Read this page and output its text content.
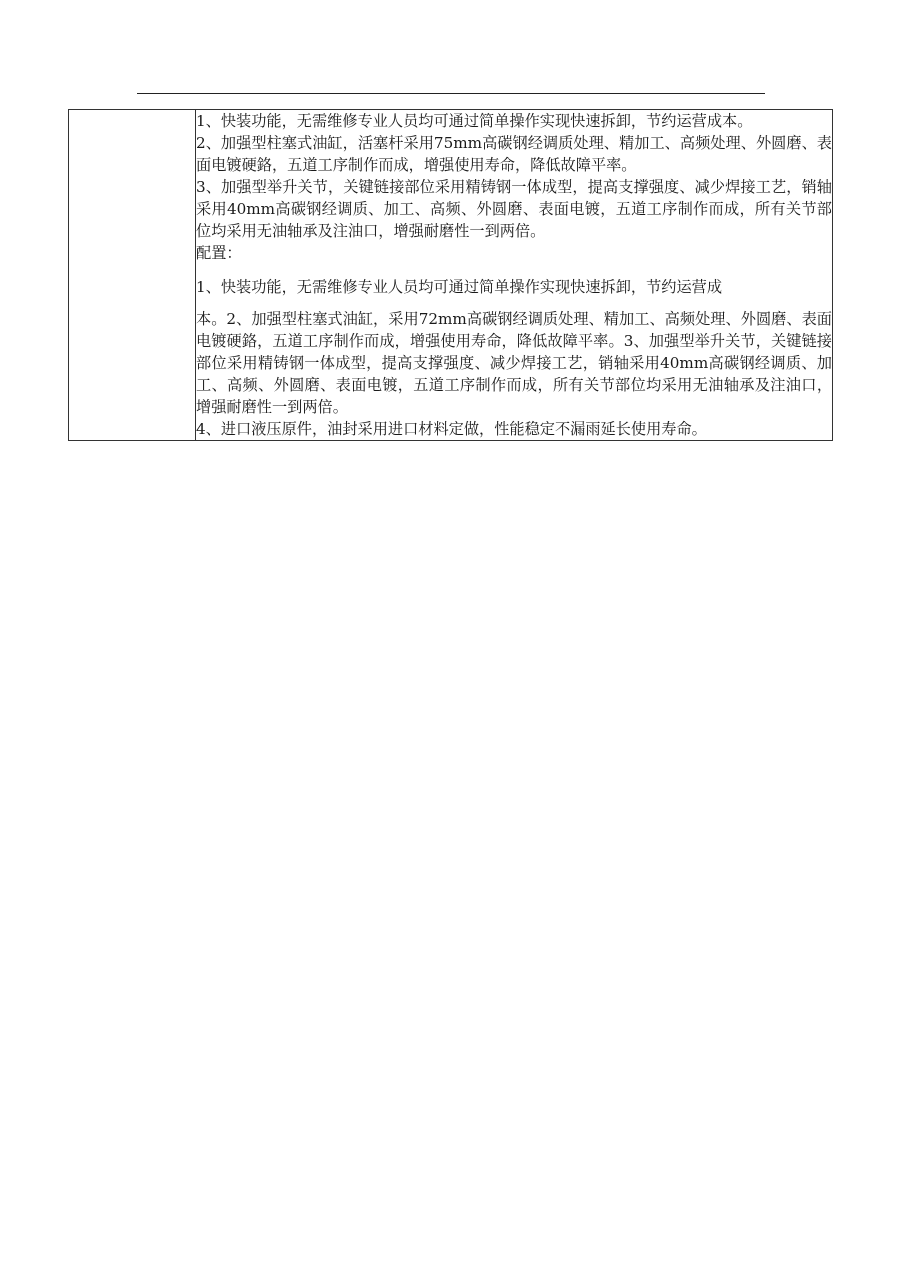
1、快装功能，无需维修专业人员均可通过简单操作实现快速拆卸，节约运营成本。

2、加强型柱塞式油缸，活塞杆采用75mm高碳钢经调质处理、精加工、高频处理、外圆磨、表面电镀硬鉻，五道工序制作而成，增强使用寿命，降低故障平率。

3、加强型举升关节，关键链接部位采用精铸钢一体成型，提高支撑强度、减少焊接工艺，销轴采用40mm高碳钢经调质、加工、高频、外圆磨、表面电镀，五道工序制作而成，所有关节部位均采用无油轴承及注油口，增强耐磨性一到两倍。

配置：

1、快装功能，无需维修专业人员均可通过简单操作实现快速拆卸，节约运营成
本。2、加强型柱塞式油缸，采用72mm高碳钢经调质处理、精加工、高频处理、外圆磨、表面电镀硬鉻，五道工序制作而成，增强使用寿命，降低故障平率。3、加强型举升关节，关键链接部位采用精铸钢一体成型，提高支撑强度、减少焊接工艺，销轴采用40mm高碳钢经调质、加工、高频、外圆磨、表面电镀，五道工序制作而成，所有关节部位均采用无油轴承及注油口，增强耐磨性一到两倍。
4、进口液压原件，油封采用进口材料定做，性能稳定不漏雨延长使用寿命。
